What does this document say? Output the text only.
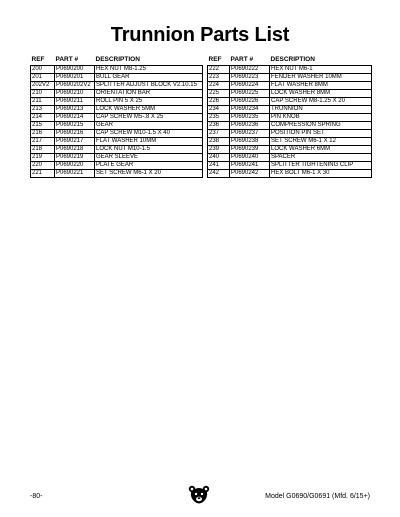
Trunnion Parts List
REF	PART #	DESCRIPTION
200	P0690200	HEX NUT M8-1.25
201	P0690201	BULL GEAR
202V2	P0690202V2	SPLITTER ADJUST BLOCK V2.10.15
210	P0690210	ORIENTATION BAR
211	P0690211	ROLL PIN 5 X 25
213	P0690213	LOCK WASHER 5MM
214	P0690214	CAP SCREW M5-.8 X 25
215	P0690215	GEAR
216	P0690216	CAP SCREW M10-1.5 X 40
217	P0690217	FLAT WASHER 10MM
218	P0690218	LOCK NUT M10-1.5
219	P0690219	GEAR SLEEVE
220	P0690220	PLATE GEAR
221	P0690221	SET SCREW M6-1 X 20
REF	PART #	DESCRIPTION
222	P0690222	HEX NUT M6-1
223	P0690223	FENDER WASHER 10MM
224	P0690224	FLAT WASHER 8MM
225	P0690225	LOCK WASHER 8MM
226	P0690226	CAP SCREW M8-1.25 X 20
234	P0690234	TRUNNION
235	P0690235	PIN KNOB
236	P0690236	COMPRESSION SPRING
237	P0690237	POSITION PIN SET
238	P0690238	SET SCREW M6-1 X 12
239	P0690239	LOCK WASHER 6MM
240	P0690240	SPACER
241	P0690241	SPLITTER TIGHTENING CLIP
242	P0690242	HEX BOLT M6-1 X 30
-80-	Model G0690/G0691 (Mfd. 6/15+)
